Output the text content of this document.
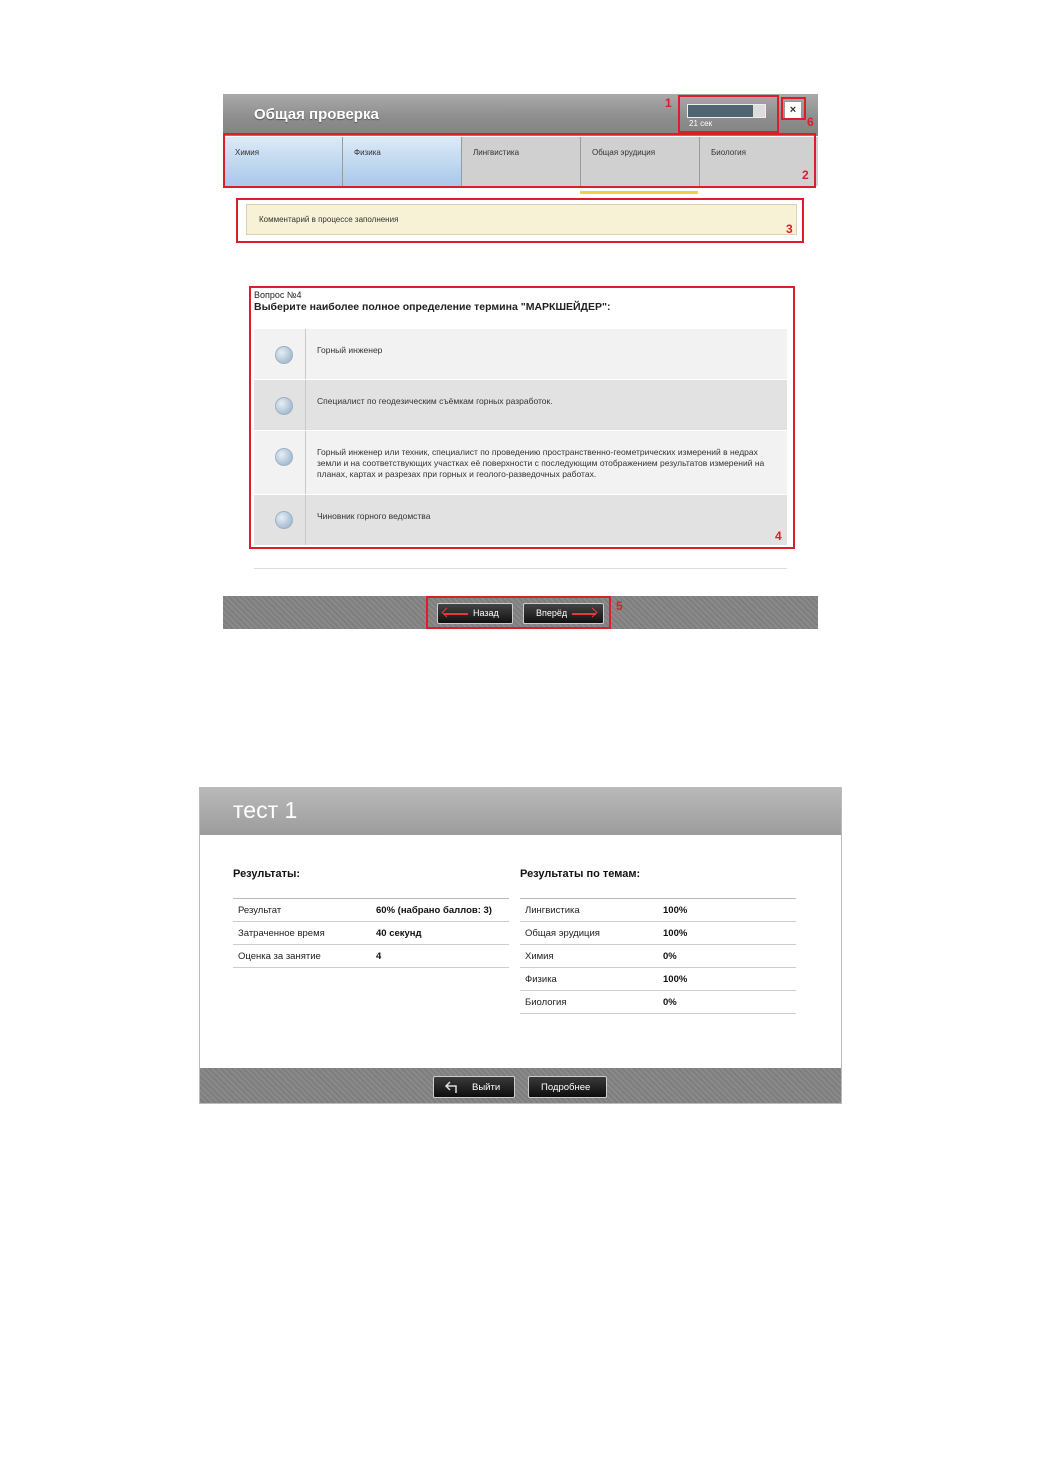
Общая проверка
21 сек
×
Химия	Физика	Лингвистика	Общая эрудиция	Биология
Комментарий в процессе заполнения
Вопрос №4
Выберите наиболее полное определение термина "МАРКШЕЙДЕР":
Горный инженер
Специалист по геодезическим съёмкам горных разработок.
Горный инженер или техник, специалист по проведению пространственно-геометрических измерений в недрах земли и на соответствующих участках её поверхности с последующим отображением результатов измерений на планах, картах и разрезах при горных и геолого-разведочных работах.
Чиновник горного ведомства
Назад	Вперёд
1
2
3
4
5
6
тест 1
Результаты:
Результат	60% (набрано баллов: 3)
Затраченное время	40 секунд
Оценка за занятие	4
Результаты по темам:
Лингвистика	100%
Общая эрудиция	100%
Химия	0%
Физика	100%
Биология	0%
Выйти	Подробнее
